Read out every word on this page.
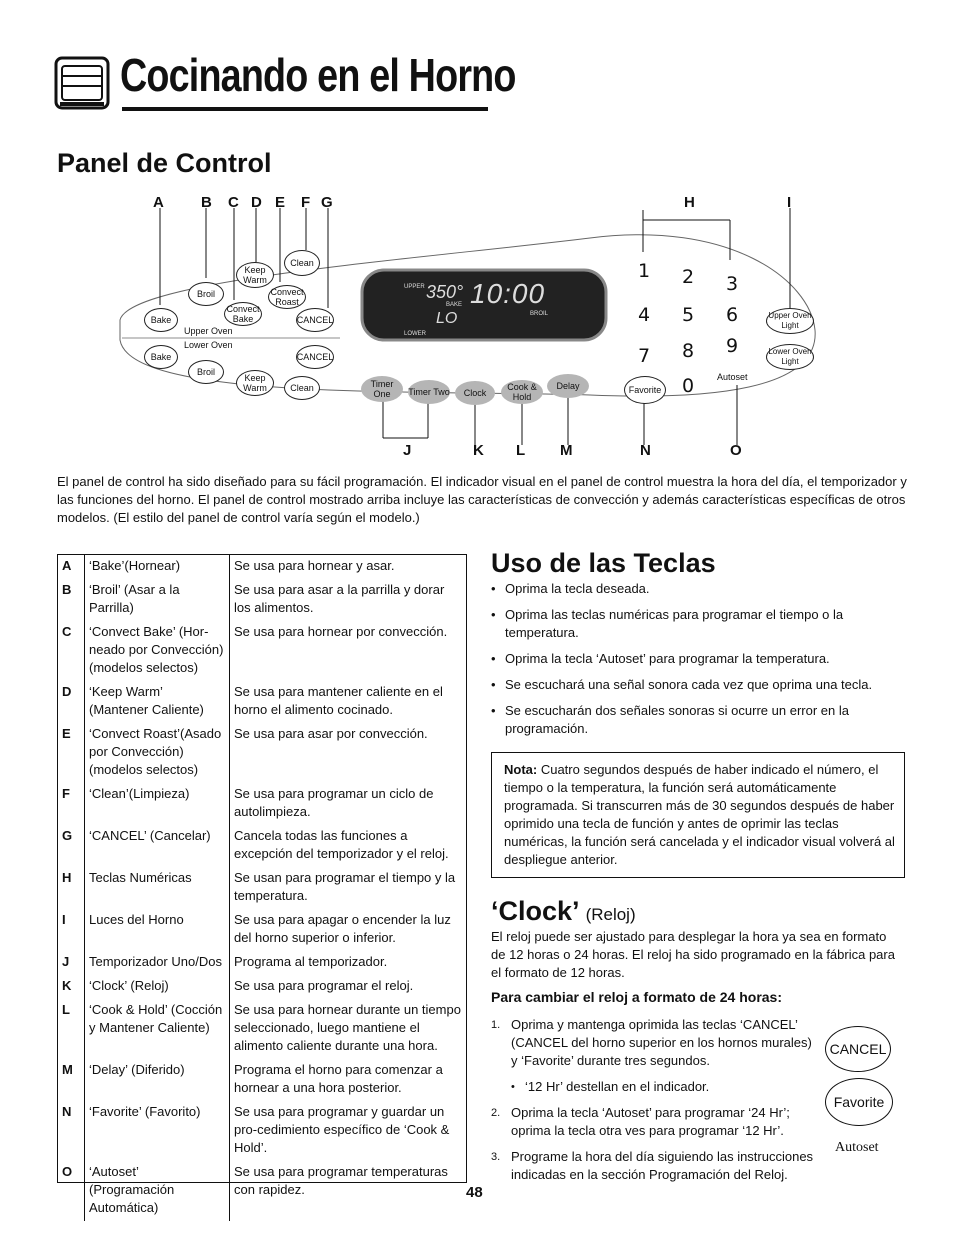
Cocinando en el Horno
Panel de Control
A B C D E F G	H	I
J	K L M	N	O
Bake
Broil
Convect Bake
Keep Warm
Convect Roast
Clean
CANCEL
Upper Oven
Lower Oven
Bake
Broil
Keep Warm	Clean
CANCEL
UPPER 350° 10:00
BAKE
BROIL
LO
LOWER
Timer One	Timer Two	Clock
Cook & Hold
Delay
1 2 3
4 5 6
7 8 9
0
Favorite
Autoset
Upper Oven Light
Lower Oven Light
El panel de control ha sido diseñado para su fácil programación. El indicador visual en el panel de control muestra la hora del día, el temporizador y las funciones del horno. El panel de control mostrado arriba incluye las características de convección y además características específicas de otros modelos. (El estilo del panel de control varía según el modelo.)
A	‘Bake’(Hornear)	Se usa para hornear y asar.
B	‘Broil’ (Asar a la Parrilla)	Se usa para asar a la parrilla y dorar los alimentos.
C	‘Convect Bake’ (Hor-neado por Convección) (modelos selectos)	Se usa para hornear por convección.
D	‘Keep Warm’ (Mantener Caliente)	Se usa para mantener caliente en el horno el alimento cocinado.
E	‘Convect Roast’(Asado por Convección) (modelos selectos)	Se usa para asar por convección.
F	‘Clean’(Limpieza)	Se usa para programar un ciclo de autolimpieza.
G	‘CANCEL’ (Cancelar)	Cancela todas las funciones a excepción del temporizador y el reloj.
H	Teclas Numéricas	Se usan para programar el tiempo y la temperatura.
I	Luces del Horno	Se usa para apagar o encender la luz del horno superior o inferior.
J	Temporizador Uno/Dos	Programa al temporizador.
K	‘Clock’ (Reloj)	Se usa para programar el reloj.
L	‘Cook & Hold’ (Cocción y Mantener Caliente)	Se usa para hornear durante un tiempo seleccionado, luego mantiene el alimento caliente durante una hora.
M	‘Delay’ (Diferido)	Programa el horno para comenzar a hornear a una hora posterior.
N	‘Favorite’ (Favorito)	Se usa para programar y guardar un pro-cedimiento específico de ‘Cook & Hold’.
O	‘Autoset’ (Programación Automática)	Se usa para programar temperaturas con rapidez.
Uso de las Teclas
• Oprima la tecla deseada.
• Oprima las teclas numéricas para programar el tiempo o la temperatura.
• Oprima la tecla ‘Autoset’ para programar la temperatura.
• Se escuchará una señal sonora cada vez que oprima una tecla.
• Se escucharán dos señales sonoras si ocurre un error en la programación.
Nota: Cuatro segundos después de haber indicado el número, el tiempo o la temperatura, la función será automáticamente programada. Si transcurren más de 30 segundos después de haber oprimido una tecla de función y antes de oprimir las teclas numéricas, la función será cancelada y el indicador visual volverá al despliegue anterior.
‘Clock’ (Reloj)
El reloj puede ser ajustado para desplegar la hora ya sea en formato de 12 horas o 24 horas. El reloj ha sido programado en la fábrica para el formato de 12 horas.
Para cambiar el reloj a formato de 24 horas:
1. Oprima y mantenga oprimida las teclas ‘CANCEL’ (CANCEL del horno superior en los hornos murales) y ‘Favorite’ durante tres segundos.
• ‘12 Hr’ destellan en el indicador.
2. Oprima la tecla ‘Autoset’ para programar ‘24 Hr’; oprima la tecla otra ves para programar ‘12 Hr’.
3. Programe la hora del día siguiendo las instrucciones indicadas en la sección Programación del Reloj.
CANCEL
Favorite
Autoset
48
